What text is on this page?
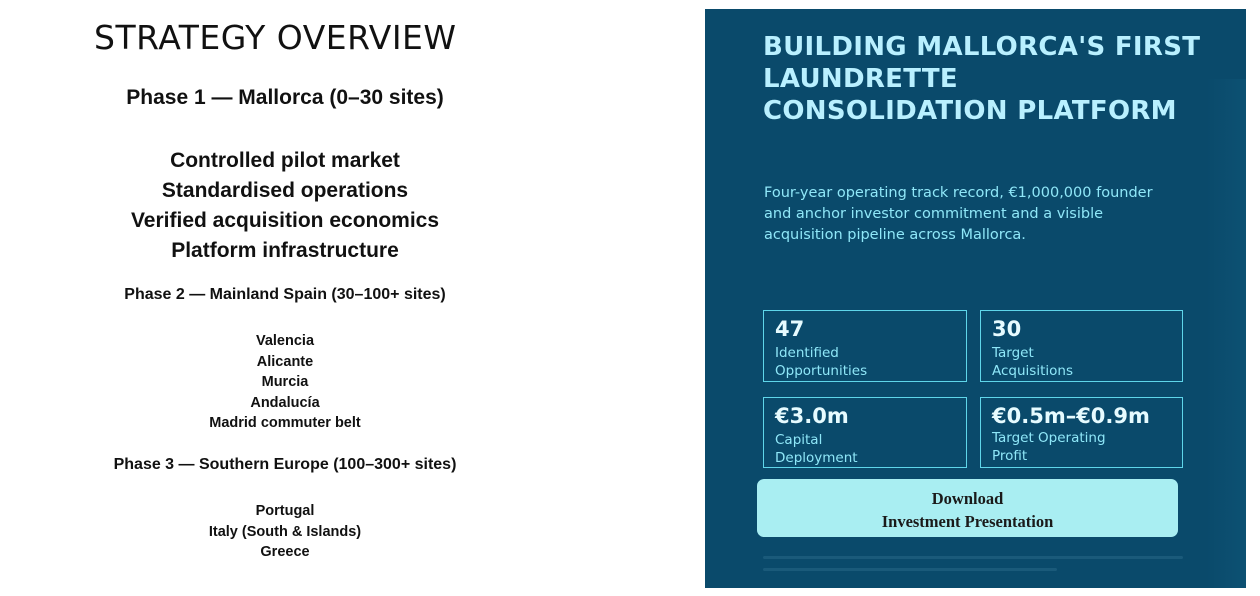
STRATEGY OVERVIEW

Phase 1 — Mallorca (0–30 sites)

Controlled pilot market
Standardised operations
Verified acquisition economics
Platform infrastructure

Phase 2 — Mainland Spain (30–100+ sites)

Valencia
Alicante
Murcia
Andalucía
Madrid commuter belt

Phase 3 — Southern Europe (100–300+ sites)

Portugal
Italy (South & Islands)
Greece
BUILDING MALLORCA'S FIRST LAUNDRETTE CONSOLIDATION PLATFORM

Four-year operating track record, €1,000,000 founder and anchor investor commitment and a visible acquisition pipeline across Mallorca.

47
Identified
Opportunities
30
Target
Acquisitions
€3.0m
Capital
Deployment
€0.5m–€0.9m
Target Operating
Profit
Download
Investment Presentation
